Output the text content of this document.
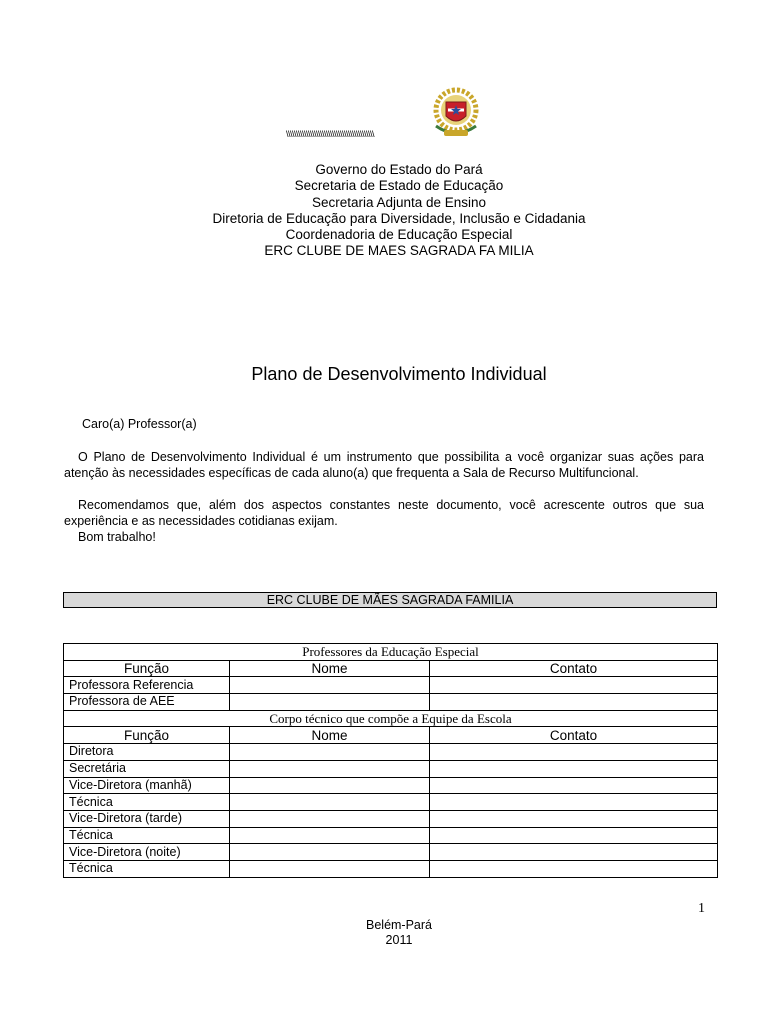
\\\\\\\\\\\\\\\\\\\\\\\\\\\\\\\\\\\\\\\\\\\\
Governo do Estado do Pará
Secretaria de Estado de Educação
Secretaria Adjunta de Ensino
Diretoria de Educação para Diversidade, Inclusão e Cidadania
Coordenadoria de Educação Especial
ERC CLUBE DE MAES SAGRADA FA MILIA
Plano de Desenvolvimento Individual
Caro(a) Professor(a)
O Plano de Desenvolvimento Individual é um instrumento que possibilita a você organizar suas ações para atenção às necessidades específicas de cada aluno(a) que frequenta a Sala de Recurso Multifuncional.
Recomendamos que, além dos aspectos constantes neste documento, você acrescente outros que sua experiência e as necessidades cotidianas exijam.
Bom trabalho!
ERC CLUBE DE MÃES SAGRADA FAMILIA
Professores da Educação Especial		
Função	Nome	Contato
Professora Referencia		
Professora de AEE		
Corpo técnico que compõe a Equipe da Escola		
Função	Nome	Contato
Diretora		
Secretária		
Vice-Diretora (manhã)		
Técnica		
Vice-Diretora (tarde)		
Técnica		
Vice-Diretora (noite)		
Técnica		
1
Belém-Pará
2011
